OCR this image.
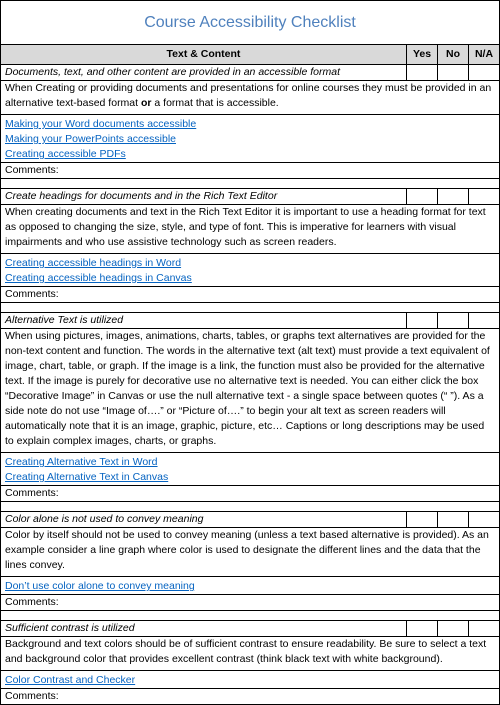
Course Accessibility Checklist
Text & Content	Yes	No	N/A
Documents, text, and other content are provided in an accessible format			
When Creating or providing documents and presentations for online courses they must be provided in an alternative text-based format or a format that is accessible.			

Making your Word documents accessible
Making your PowerPoints accessible
Creating accessible PDFs			

Comments:			

Create headings for documents and in the Rich Text Editor			
When creating documents and text in the Rich Text Editor it is important to use a heading format for text as opposed to changing the size, style, and type of font. This is imperative for learners with visual impairments and who use assistive technology such as screen readers.			

Creating accessible headings in Word
Creating accessible headings in Canvas			

Comments:			

Alternative Text is utilized			
When using pictures, images, animations, charts, tables, or graphs text alternatives are provided for the non-text content and function. The words in the alternative text (alt text) must provide a text equivalent of image, chart, table, or graph. If the image is a link, the function must also be provided for the alternative text. If the image is purely for decorative use no alternative text is needed. You can either click the box “Decorative Image” in Canvas or use the null alternative text - a single space between quotes (“ ”). As a side note do not use “Image of….” or “Picture of….” to begin your alt text as screen readers will automatically note that it is an image, graphic, picture, etc… Captions or long descriptions may be used to explain complex images, charts, or graphs.			

Creating Alternative Text in Word
Creating Alternative Text in Canvas			

Comments:			

Color alone is not used to convey meaning			
Color by itself should not be used to convey meaning (unless a text based alternative is provided). As an example consider a line graph where color is used to designate the different lines and the data that the lines convey.			

Don’t use color alone to convey meaning			

Comments:			

Sufficient contrast is utilized			
Background and text colors should be of sufficient contrast to ensure readability. Be sure to select a text and background color that provides excellent contrast (think black text with white background).			

Color Contrast and Checker			

Comments:			
